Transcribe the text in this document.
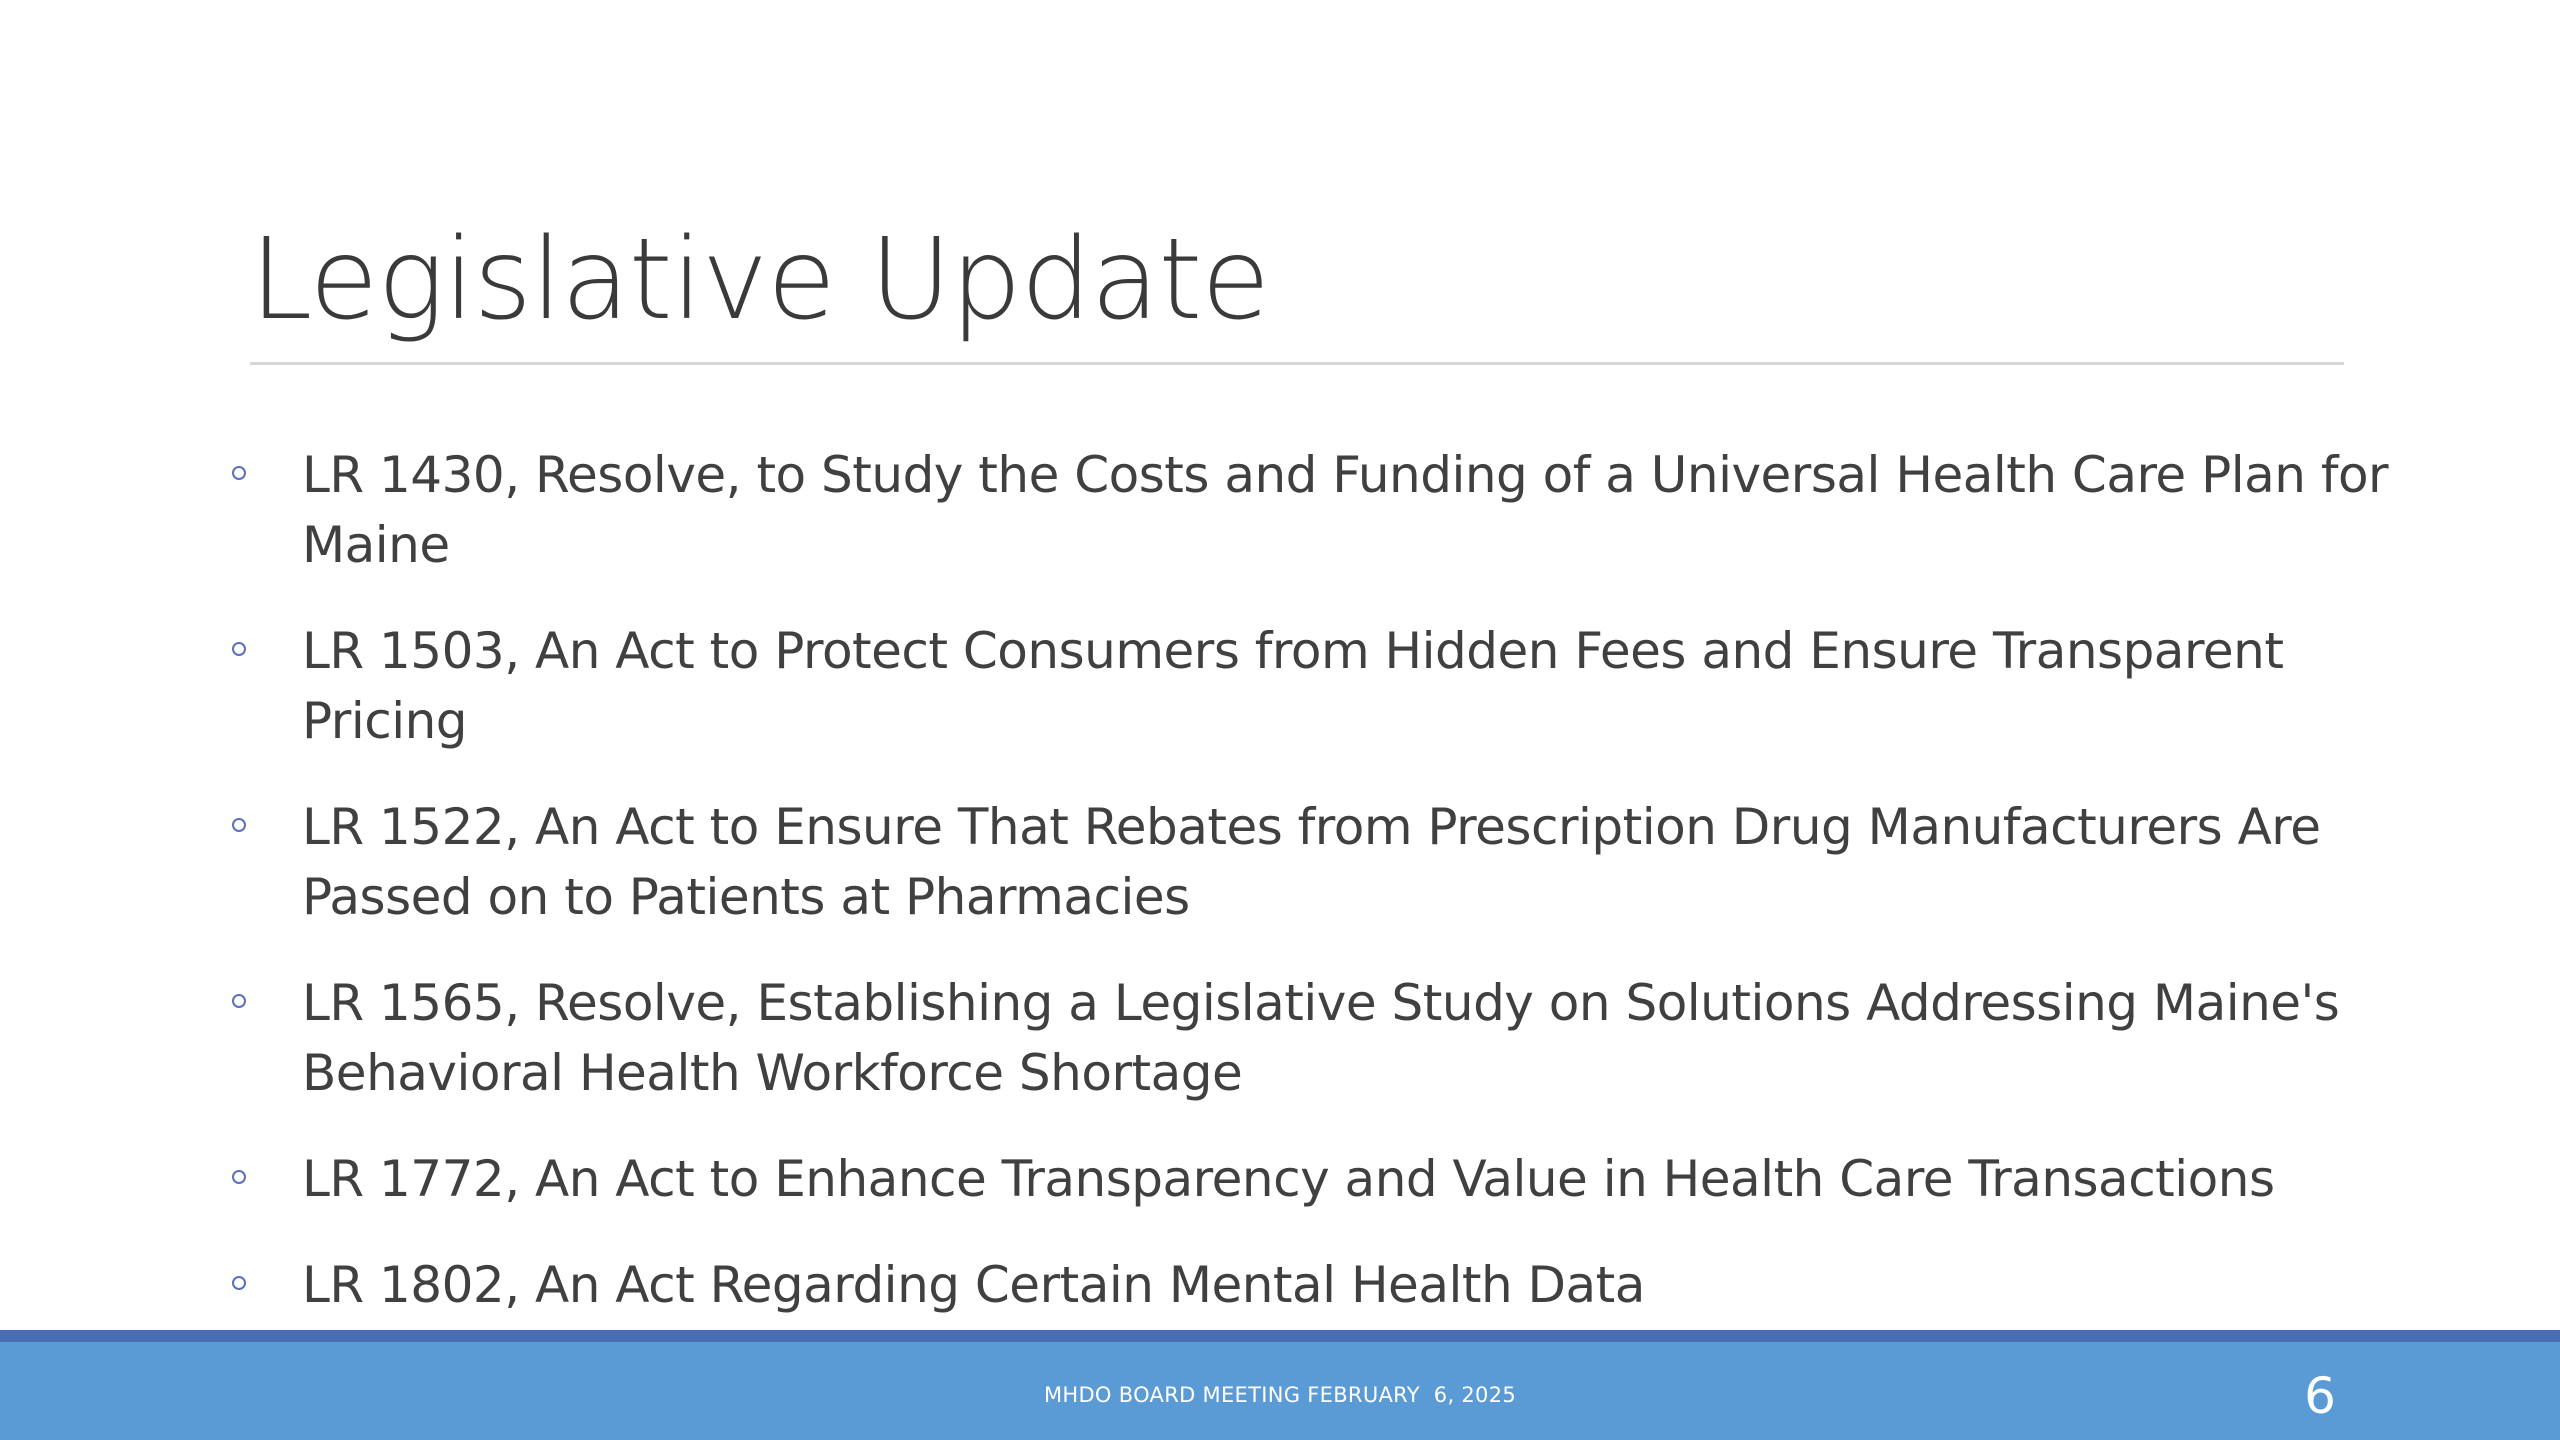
Legislative Update
LR 1430, Resolve, to Study the Costs and Funding of a Universal Health Care Plan for Maine
LR 1503, An Act to Protect Consumers from Hidden Fees and Ensure Transparent Pricing
LR 1522, An Act to Ensure That Rebates from Prescription Drug Manufacturers Are Passed on to Patients at Pharmacies
LR 1565, Resolve, Establishing a Legislative Study on Solutions Addressing Maine's Behavioral Health Workforce Shortage
LR 1772, An Act to Enhance Transparency and Value in Health Care Transactions
LR 1802, An Act Regarding Certain Mental Health Data
MHDO BOARD MEETING FEBRUARY  6, 2025	6
